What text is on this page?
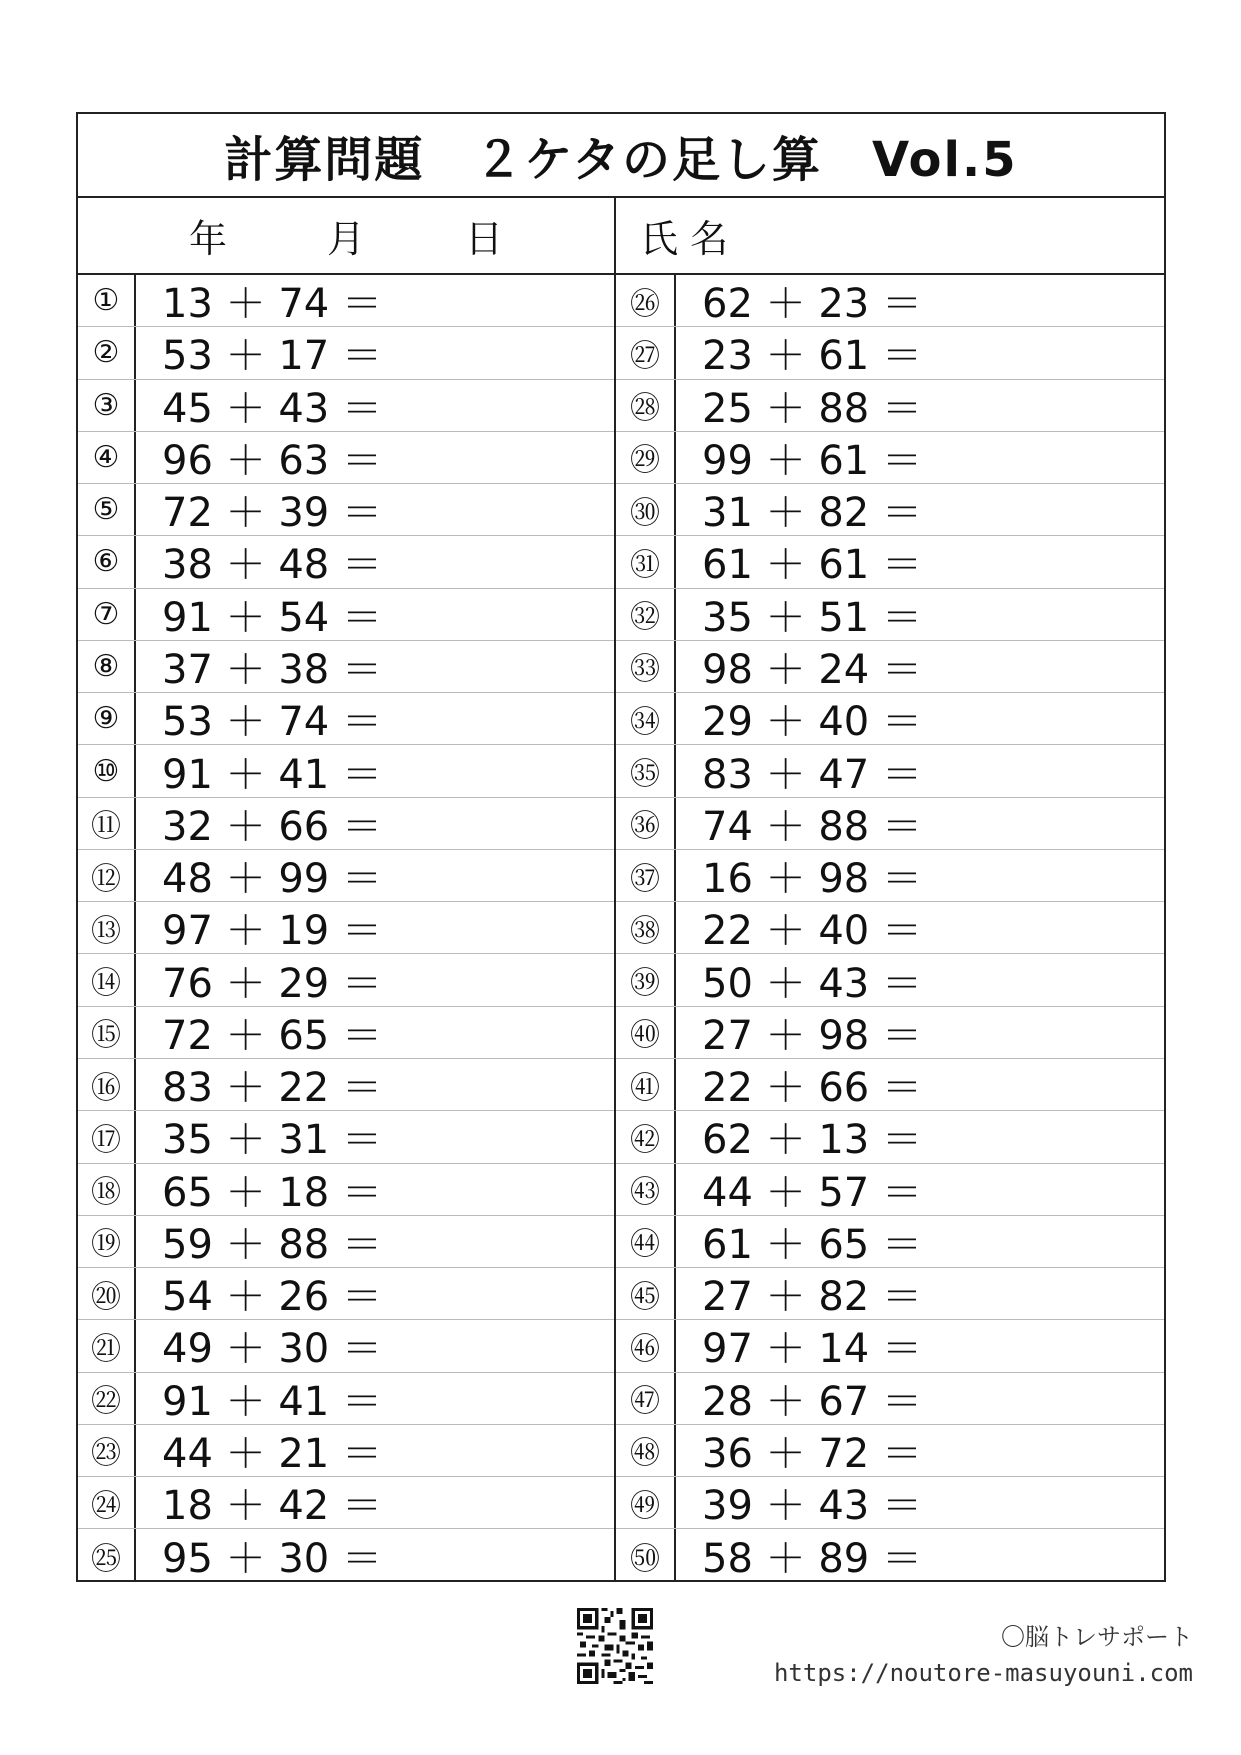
計算問題　２ケタの足し算　Vol.5
年	月	日	氏 名
①	13 ＋ 74 ＝
②	53 ＋ 17 ＝
③	45 ＋ 43 ＝
④	96 ＋ 63 ＝
⑤	72 ＋ 39 ＝
⑥	38 ＋ 48 ＝
⑦	91 ＋ 54 ＝
⑧	37 ＋ 38 ＝
⑨	53 ＋ 74 ＝
⑩	91 ＋ 41 ＝
⑪	32 ＋ 66 ＝
⑫	48 ＋ 99 ＝
⑬	97 ＋ 19 ＝
⑭	76 ＋ 29 ＝
⑮	72 ＋ 65 ＝
⑯	83 ＋ 22 ＝
⑰	35 ＋ 31 ＝
⑱	65 ＋ 18 ＝
⑲	59 ＋ 88 ＝
⑳	54 ＋ 26 ＝
㉑	49 ＋ 30 ＝
㉒	91 ＋ 41 ＝
㉓	44 ＋ 21 ＝
㉔	18 ＋ 42 ＝
㉕	95 ＋ 30 ＝
㉖	62 ＋ 23 ＝
㉗	23 ＋ 61 ＝
㉘	25 ＋ 88 ＝
㉙	99 ＋ 61 ＝
㉚	31 ＋ 82 ＝
㉛	61 ＋ 61 ＝
㉜	35 ＋ 51 ＝
㉝	98 ＋ 24 ＝
㉞	29 ＋ 40 ＝
㉟	83 ＋ 47 ＝
㊱	74 ＋ 88 ＝
㊲	16 ＋ 98 ＝
㊳	22 ＋ 40 ＝
㊴	50 ＋ 43 ＝
㊵	27 ＋ 98 ＝
㊶	22 ＋ 66 ＝
㊷	62 ＋ 13 ＝
㊸	44 ＋ 57 ＝
㊹	61 ＋ 65 ＝
㊺	27 ＋ 82 ＝
㊻	97 ＋ 14 ＝
㊼	28 ＋ 67 ＝
㊽	36 ＋ 72 ＝
㊾	39 ＋ 43 ＝
㊿	58 ＋ 89 ＝
〇脳トレサポート
https://noutore-masuyouni.com
